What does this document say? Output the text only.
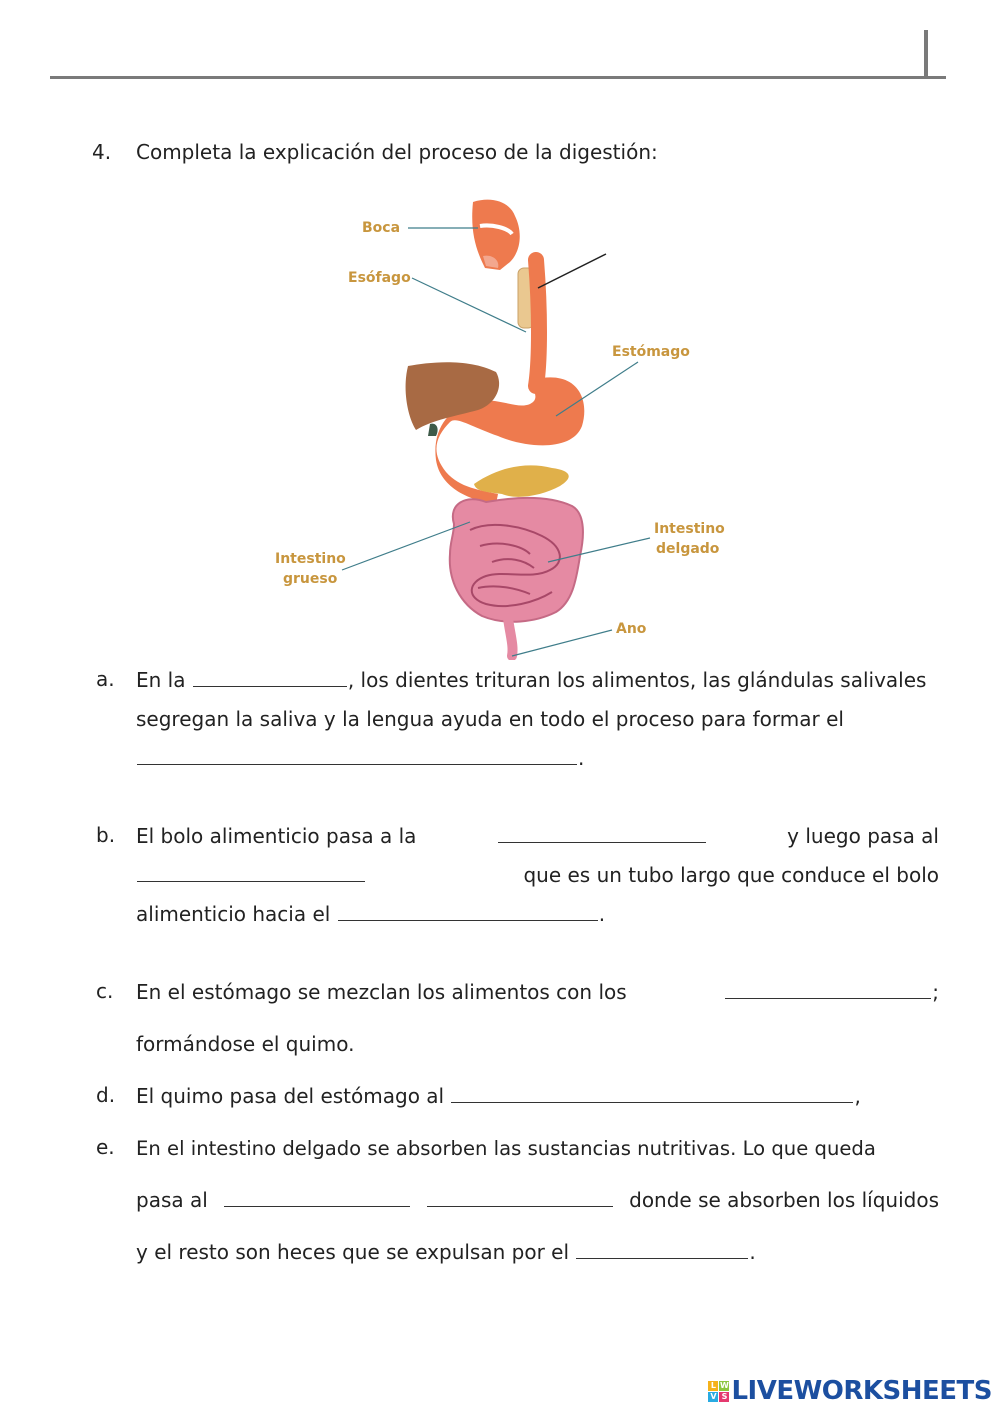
4. Completa la explicación del proceso de la digestión:
Boca
Esófago
Estómago
Intestino
delgado
Intestino
grueso
Ano
a.	En la	, los dientes trituran los alimentos, las glándulas salivales
segregan la saliva y la lengua ayuda en todo el proceso para formar el
.
b.	El bolo alimenticio pasa a la	y luego pasa al
que es un tubo largo que conduce el bolo
alimenticio hacia el	.
c.	En el estómago se mezclan los alimentos con los	;
formándose el quimo.
d.	El quimo pasa del estómago al	,
e.	En el intestino delgado se absorben las sustancias nutritivas. Lo que queda
pasa al	donde se absorben los líquidos
y el resto son heces que se expulsan por el	.
L W
V S LIVEWORKSHEETS
